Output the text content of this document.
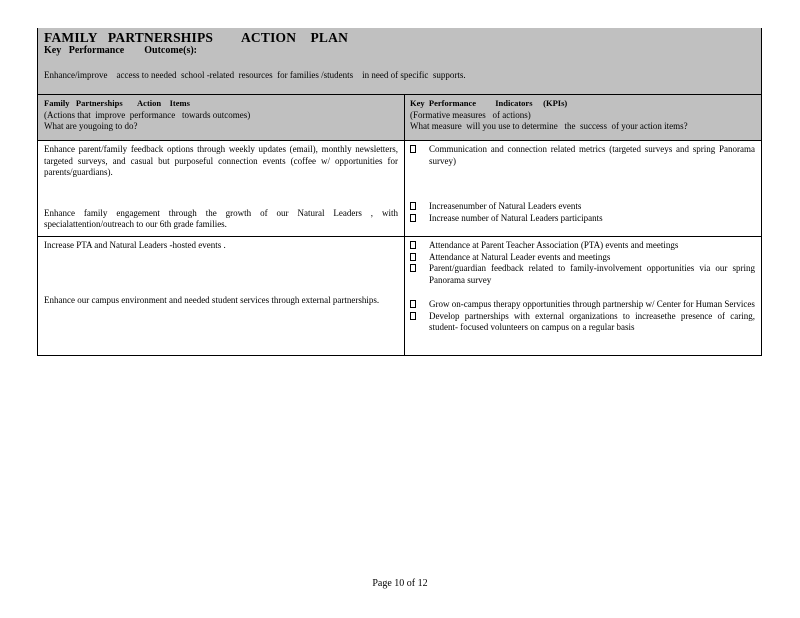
FAMILY   PARTNERSHIPS        ACTION    PLAN
Key   Performance        Outcome(s):
Enhance/improve    access to needed  school -related  resources  for families /students    in need of specific  supports.
Family   Partnerships       Action    Items
(Actions that  improve  performance   towards outcomes)
What are yougoing to do?
Key  Performance         Indicators     (KPIs)
(Formative measures   of actions)
What measure  will you use to determine   the  success  of your action items?
Enhance parent/family feedback options through weekly updates (email), monthly newsletters, targeted surveys, and casual but purposeful connection events (coffee w/ opportunities for parents/guardians).
Enhance family engagement through the growth of our Natural Leaders , with specialattention/outreach to our 6th grade families.
Communication and connection related metrics (targeted surveys and spring Panorama survey)
Increasenumber of Natural Leaders events
Increase number of Natural Leaders participants
Increase PTA and Natural Leaders -hosted events .
Enhance our campus environment and needed student services through external partnerships.
Attendance at Parent Teacher Association (PTA) events and meetings
Attendance at Natural Leader events and meetings
Parent/guardian feedback related to family-involvement opportunities via our spring Panorama survey
Grow on-campus therapy opportunities through partnership w/ Center for Human Services
Develop partnerships with external organizations to increasethe presence of caring, student- focused volunteers on campus on a regular basis
Page 10 of 12
